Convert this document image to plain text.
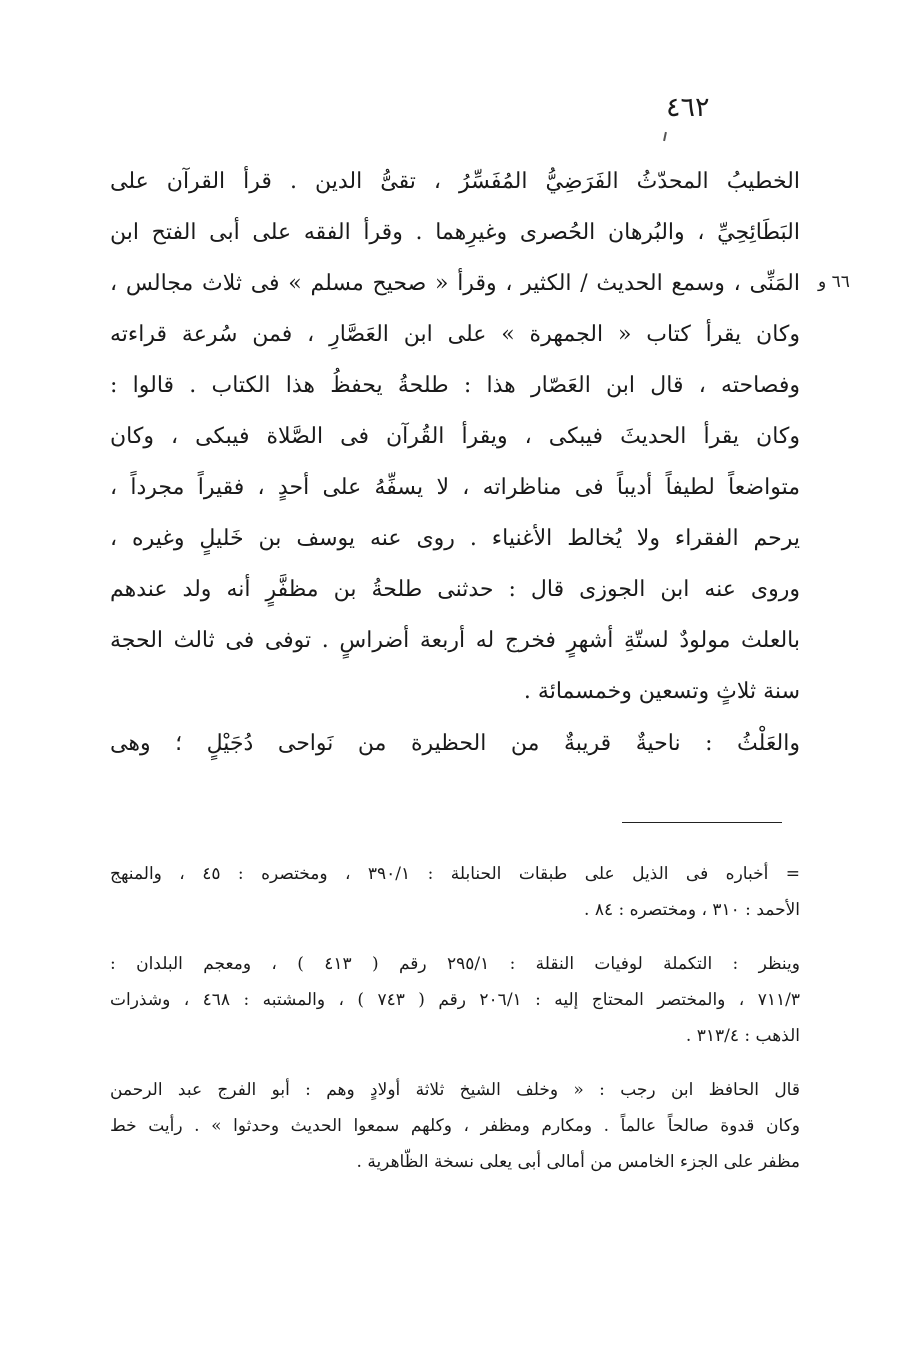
٤٦٢
٦٦ و
الخطيبُ المحدّثُ الفَرَضِيُّ المُفَسِّرُ ، تقىُّ الدين . قرأ القرآن على
البَطَائِحِيِّ ، والبُرهان الحُصرى وغيرِهما . وقرأ الفقه على أبى الفتح ابن
المَنِّى ، وسمع الحديث / الكثير ، وقرأ « صحيح مسلم » فى ثلاث مجالس ،
وكان يقرأ كتاب « الجمهرة » على ابن العَصَّارِ ، فمن سُرعة قراءته
وفصاحته ، قال ابن العَصّار هذا : طلحةُ يحفظُ هذا الكتاب . قالوا :
وكان يقرأ الحديثَ فيبكى ، ويقرأ القُرآن فى الصَّلاة فيبكى ، وكان
متواضعاً لطيفاً أديباً فى مناظراته ، لا يسفِّهُ على أحدٍ ، فقيراً مجرداً ،
يرحم الفقراء ولا يُخالط الأغنياء . روى عنه يوسف بن خَليلٍ وغيره ،
وروى عنه ابن الجوزى قال : حدثنى طلحةُ بن مظفَّرٍ أنه ولد عندهم
بالعلث مولودٌ لستّةِ أشهرٍ فخرج له أربعة أضراسٍ . توفى فى ثالث الحجة
سنة ثلاثٍ وتسعين وخمسمائة .
والعَلْثُ : ناحيةٌ قريبةٌ من الحظيرة من نَواحى دُجَيْلٍ ؛ وهى
= أخباره فى الذيل على طبقات الحنابلة : ٣٩٠/١ ، ومختصره : ٤٥ ، والمنهج
الأحمد : ٣١٠ ، ومختصره : ٨٤ .
وينظر : التكملة لوفيات النقلة : ٢٩٥/١ رقم ( ٤١٣ ) ، ومعجم البلدان :
٧١١/٣ ، والمختصر المحتاج إليه : ٢٠٦/١ رقم ( ٧٤٣ ) ، والمشتبه : ٤٦٨ ، وشذرات
الذهب : ٣١٣/٤ .
قال الحافظ ابن رجب : « وخلف الشيخ ثلاثة أولادٍ وهم : أبو الفرج عبد الرحمن
وكان قدوة صالحاً عالماً . ومكارم ومظفر ، وكلهم سمعوا الحديث وحدثوا » . رأيت خط
مظفر على الجزء الخامس من أمالى أبى يعلى نسخة الظّاهرية .
